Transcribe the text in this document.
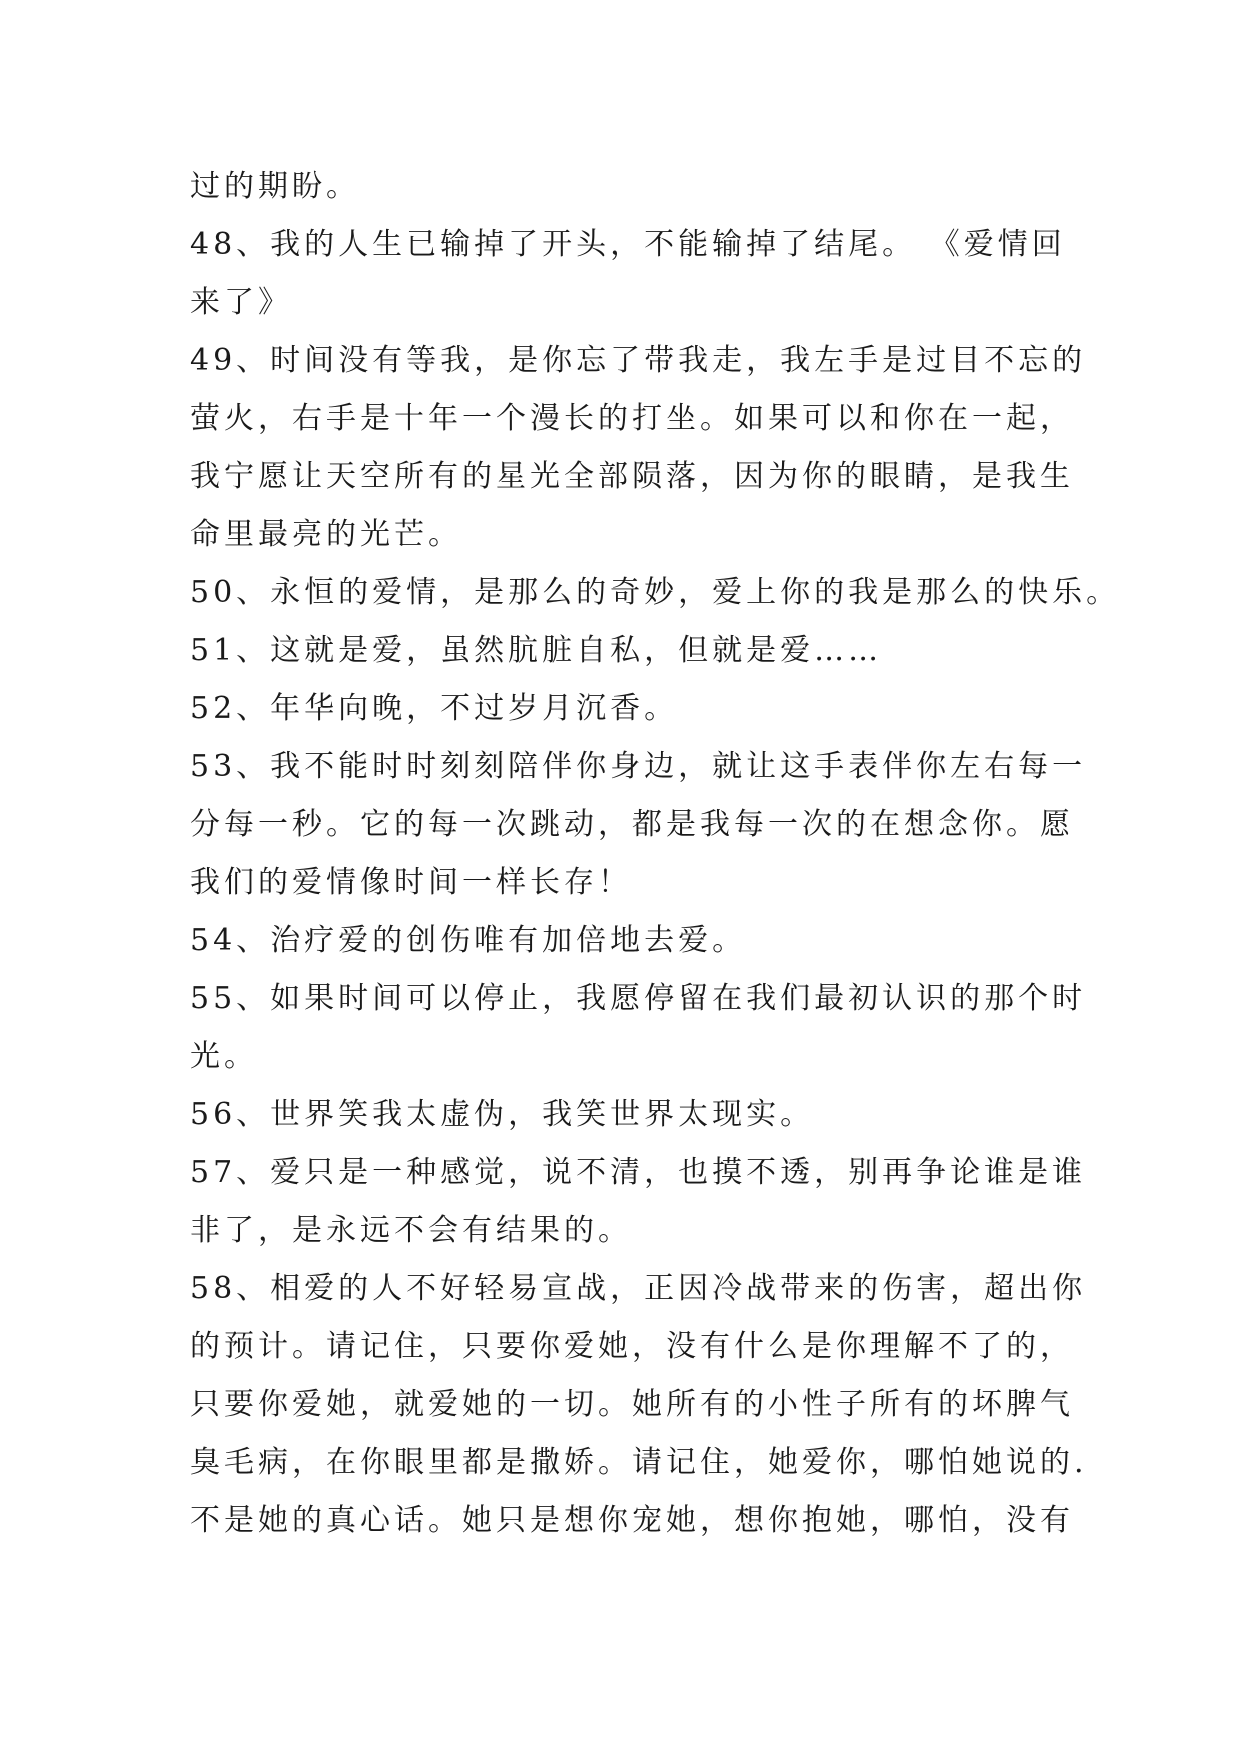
过的期盼。
48、我的人生已输掉了开头，不能输掉了结尾。 《爱情回
来了》
49、时间没有等我，是你忘了带我走，我左手是过目不忘的
萤火，右手是十年一个漫长的打坐。如果可以和你在一起，
我宁愿让天空所有的星光全部陨落，因为你的眼睛，是我生
命里最亮的光芒。
50、永恒的爱情，是那么的奇妙，爱上你的我是那么的快乐。
51、这就是爱，虽然肮脏自私，但就是爱……
52、年华向晚，不过岁月沉香。
53、我不能时时刻刻陪伴你身边，就让这手表伴你左右每一
分每一秒。它的每一次跳动，都是我每一次的在想念你。愿
我们的爱情像时间一样长存！
54、治疗爱的创伤唯有加倍地去爱。
55、如果时间可以停止，我愿停留在我们最初认识的那个时
光。
56、世界笑我太虚伪，我笑世界太现实。
57、爱只是一种感觉，说不清，也摸不透，别再争论谁是谁
非了，是永远不会有结果的。
58、相爱的人不好轻易宣战，正因冷战带来的伤害，超出你
的预计。请记住，只要你爱她，没有什么是你理解不了的，
只要你爱她，就爱她的一切。她所有的小性子所有的坏脾气
臭毛病，在你眼里都是撒娇。请记住，她爱你，哪怕她说的.
不是她的真心话。她只是想你宠她，想你抱她，哪怕，没有
